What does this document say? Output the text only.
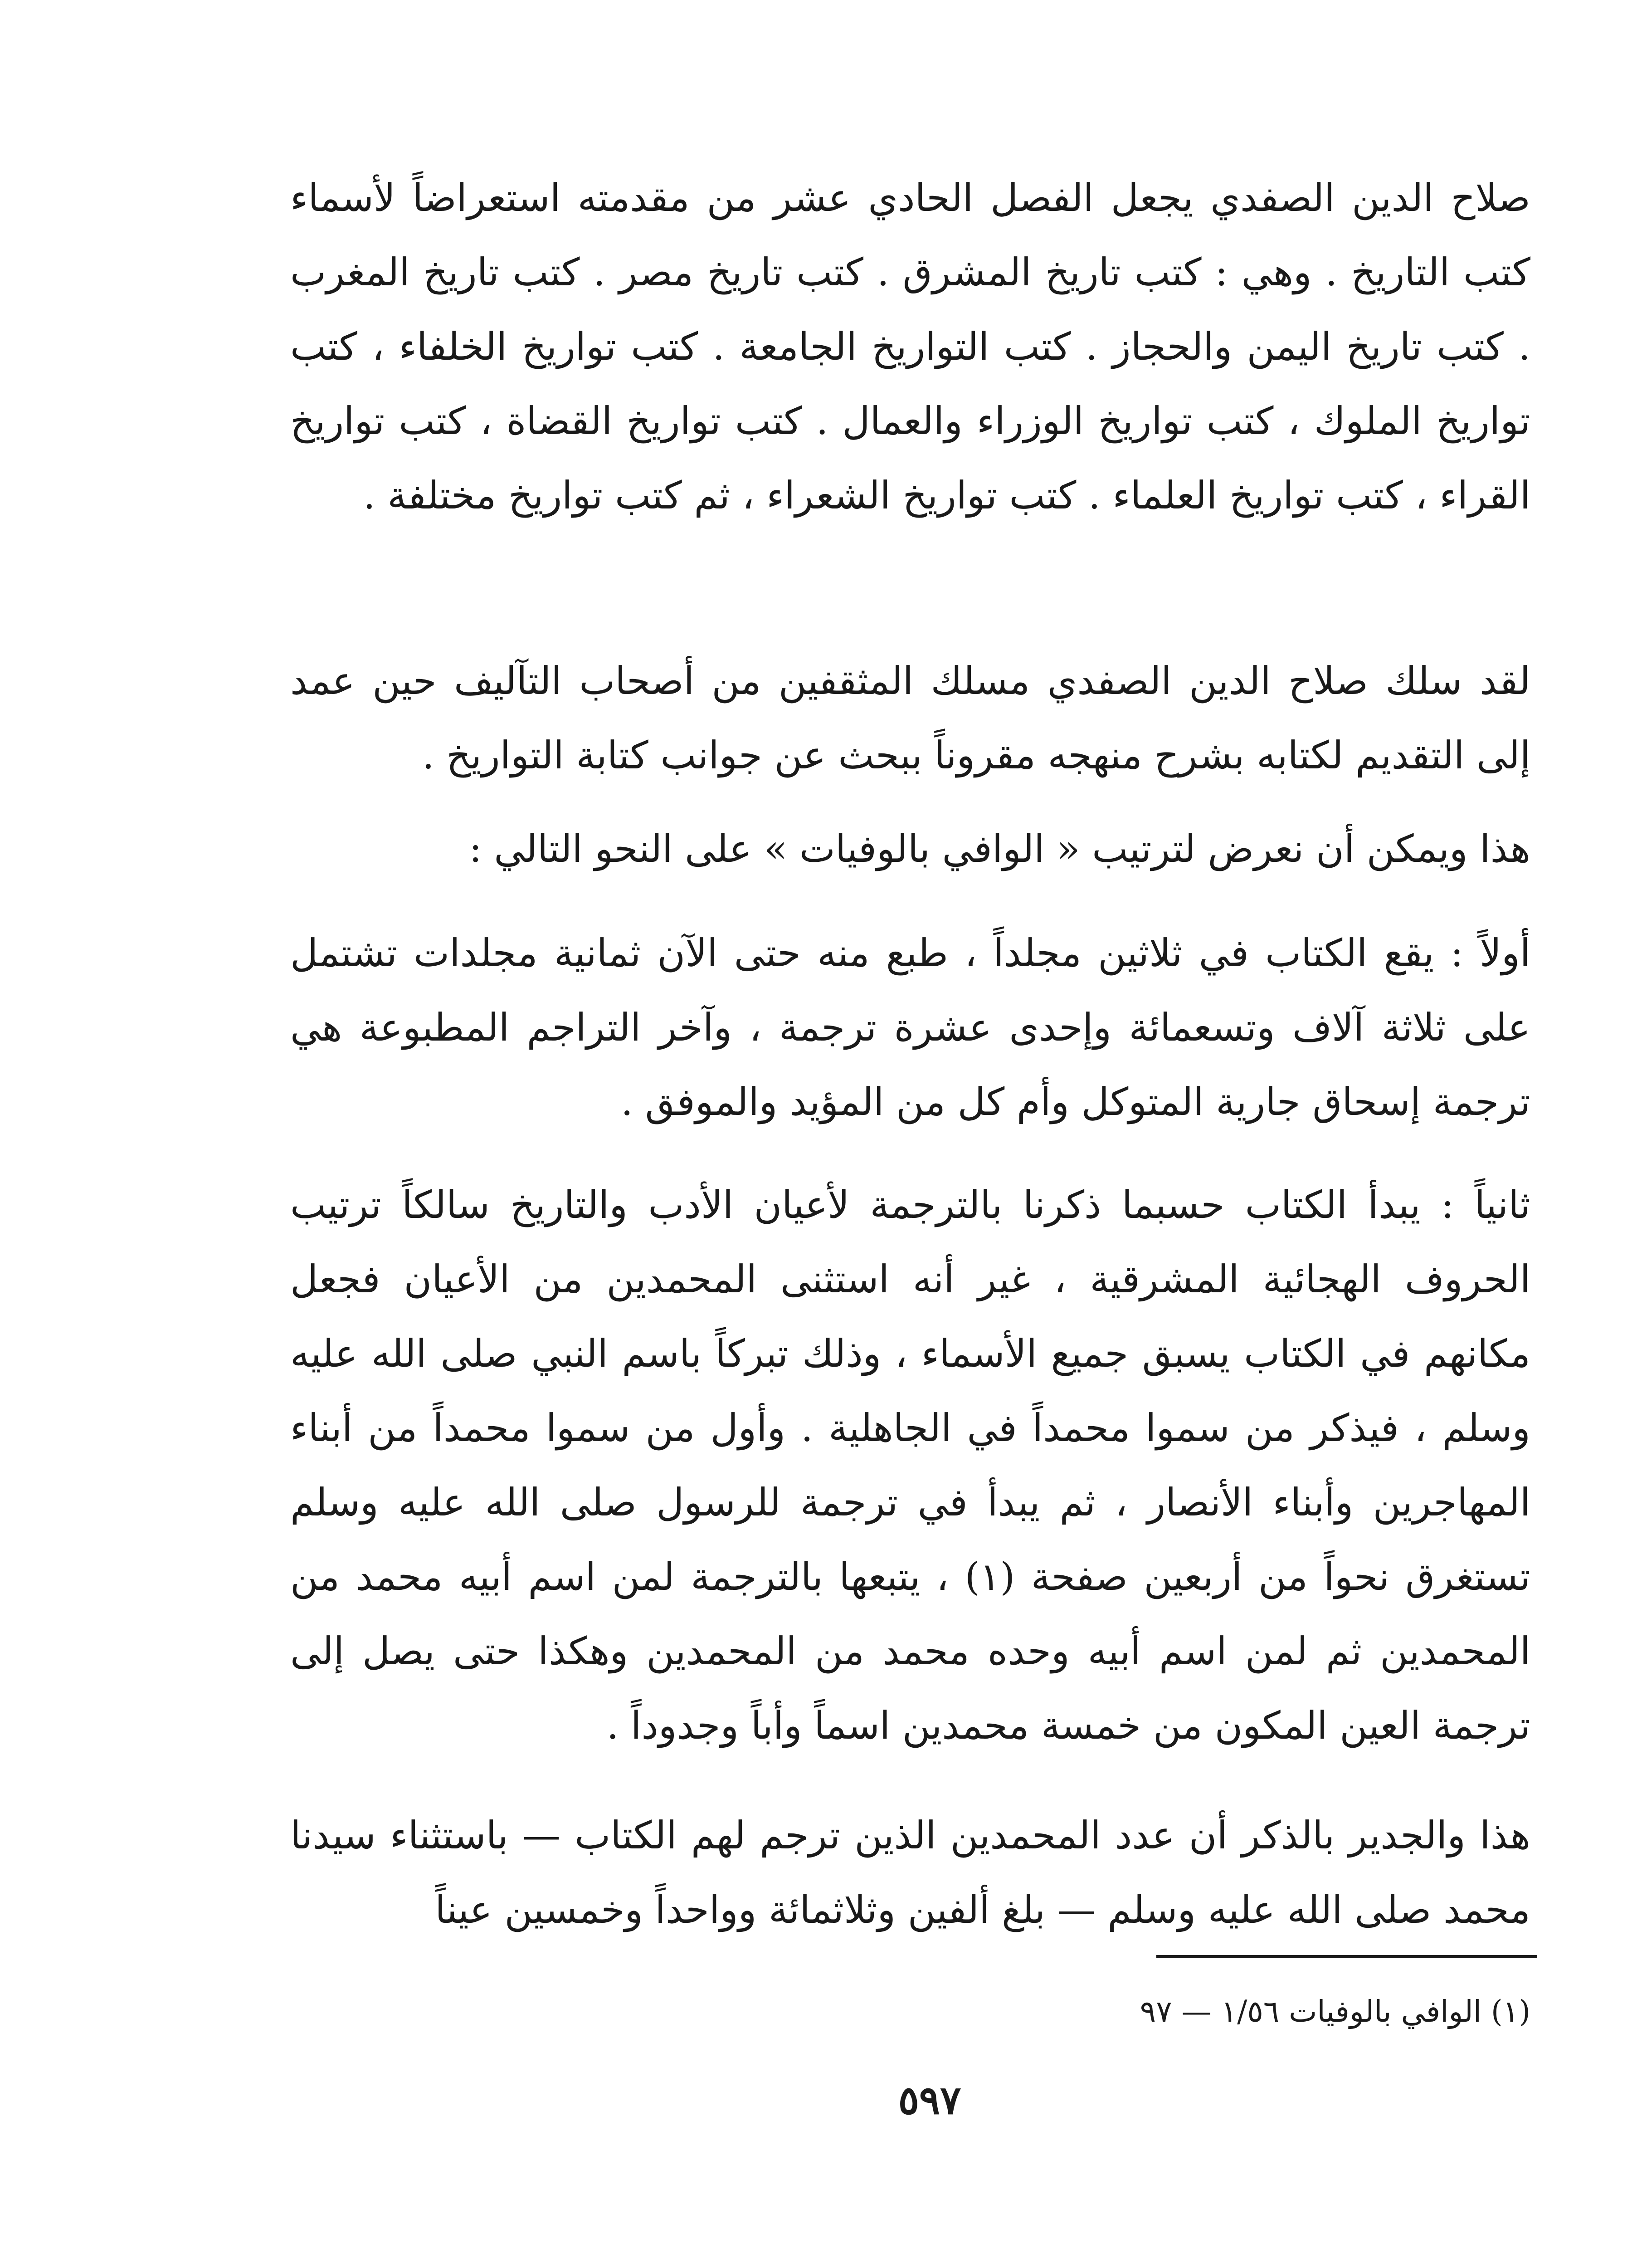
صلاح الدين الصفدي يجعل الفصل الحادي عشر من مقدمته استعراضاً لأسماء كتب التاريخ . وهي : كتب تاريخ المشرق . كتب تاريخ مصر . كتب تاريخ المغرب . كتب تاريخ اليمن والحجاز . كتب التواريخ الجامعة . كتب تواريخ الخلفاء ، كتب تواريخ الملوك ، كتب تواريخ الوزراء والعمال . كتب تواريخ القضاة ، كتب تواريخ القراء ، كتب تواريخ العلماء . كتب تواريخ الشعراء ، ثم كتب تواريخ مختلفة .

لقد سلك صلاح الدين الصفدي مسلك المثقفين من أصحاب التآليف حين عمد إلى التقديم لكتابه بشرح منهجه مقروناً ببحث عن جوانب كتابة التواريخ .

هذا ويمكن أن نعرض لترتيب « الوافي بالوفيات » على النحو التالي :

أولاً : يقع الكتاب في ثلاثين مجلداً ، طبع منه حتى الآن ثمانية مجلدات تشتمل على ثلاثة آلاف وتسعمائة وإحدى عشرة ترجمة ، وآخر التراجم المطبوعة هي ترجمة إسحاق جارية المتوكل وأم كل من المؤيد والموفق .

ثانياً : يبدأ الكتاب حسبما ذكرنا بالترجمة لأعيان الأدب والتاريخ سالكاً ترتيب الحروف الهجائية المشرقية ، غير أنه استثنى المحمدين من الأعيان فجعل مكانهم في الكتاب يسبق جميع الأسماء ، وذلك تبركاً باسم النبي صلى الله عليه وسلم ، فيذكر من سموا محمداً في الجاهلية . وأول من سموا محمداً من أبناء المهاجرين وأبناء الأنصار ، ثم يبدأ في ترجمة للرسول صلى الله عليه وسلم تستغرق نحواً من أربعين صفحة (١) ، يتبعها بالترجمة لمن اسم أبيه محمد من المحمدين ثم لمن اسم أبيه وحده محمد من المحمدين وهكذا حتى يصل إلى ترجمة العين المكون من خمسة محمدين اسماً وأباً وجدوداً .

هذا والجدير بالذكر أن عدد المحمدين الذين ترجم لهم الكتاب — باستثناء سيدنا محمد صلى الله عليه وسلم — بلغ ألفين وثلاثمائة وواحداً وخمسين عيناً

(١) الوافي بالوفيات ١/٥٦ — ٩٧
٥٩٧
